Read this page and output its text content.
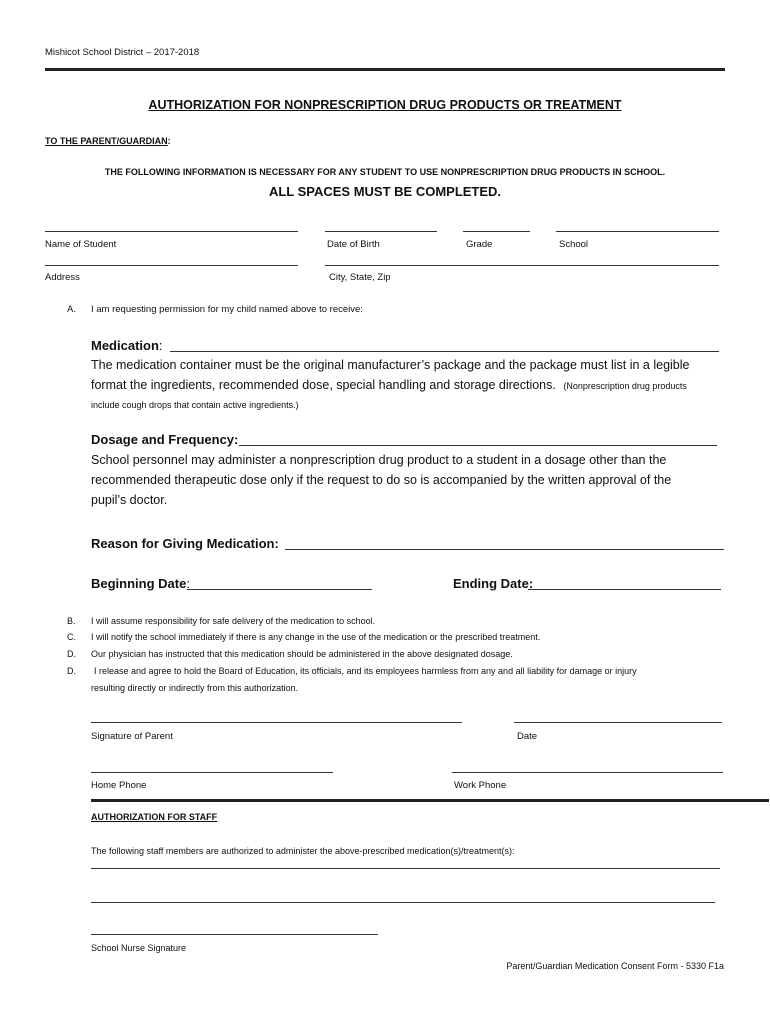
Mishicot School District – 2017-2018
AUTHORIZATION FOR NONPRESCRIPTION DRUG PRODUCTS OR TREATMENT
TO THE PARENT/GUARDIAN:
THE FOLLOWING INFORMATION IS NECESSARY FOR ANY STUDENT TO USE NONPRESCRIPTION DRUG PRODUCTS IN SCHOOL.
ALL SPACES MUST BE COMPLETED.
Name of Student	Date of Birth	Grade	School
Address	City, State, Zip
A. I am requesting permission for my child named above to receive:
Medication:
The medication container must be the original manufacturer’s package and the package must list in a legible
format the ingredients, recommended dose, special handling and storage directions. (Nonprescription drug products
include cough drops that contain active ingredients.)
Dosage and Frequency:
School personnel may administer a nonprescription drug product to a student in a dosage other than the
recommended therapeutic dose only if the request to do so is accompanied by the written approval of the
pupil’s doctor.
Reason for Giving Medication:
Beginning Date:	Ending Date:
B. I will assume responsibility for safe delivery of the medication to school.
C. I will notify the school immediately if there is any change in the use of the medication or the prescribed treatment.
D. Our physician has instructed that this medication should be administered in the above designated dosage.
D. I release and agree to hold the Board of Education, its officials, and its employees harmless from any and all liability for damage or injury
resulting directly or indirectly from this authorization.
Signature of Parent	Date
Home Phone	Work Phone
AUTHORIZATION FOR STAFF
The following staff members are authorized to administer the above-prescribed medication(s)/treatment(s):
School Nurse Signature
Parent/Guardian Medication Consent Form - 5330 F1a
